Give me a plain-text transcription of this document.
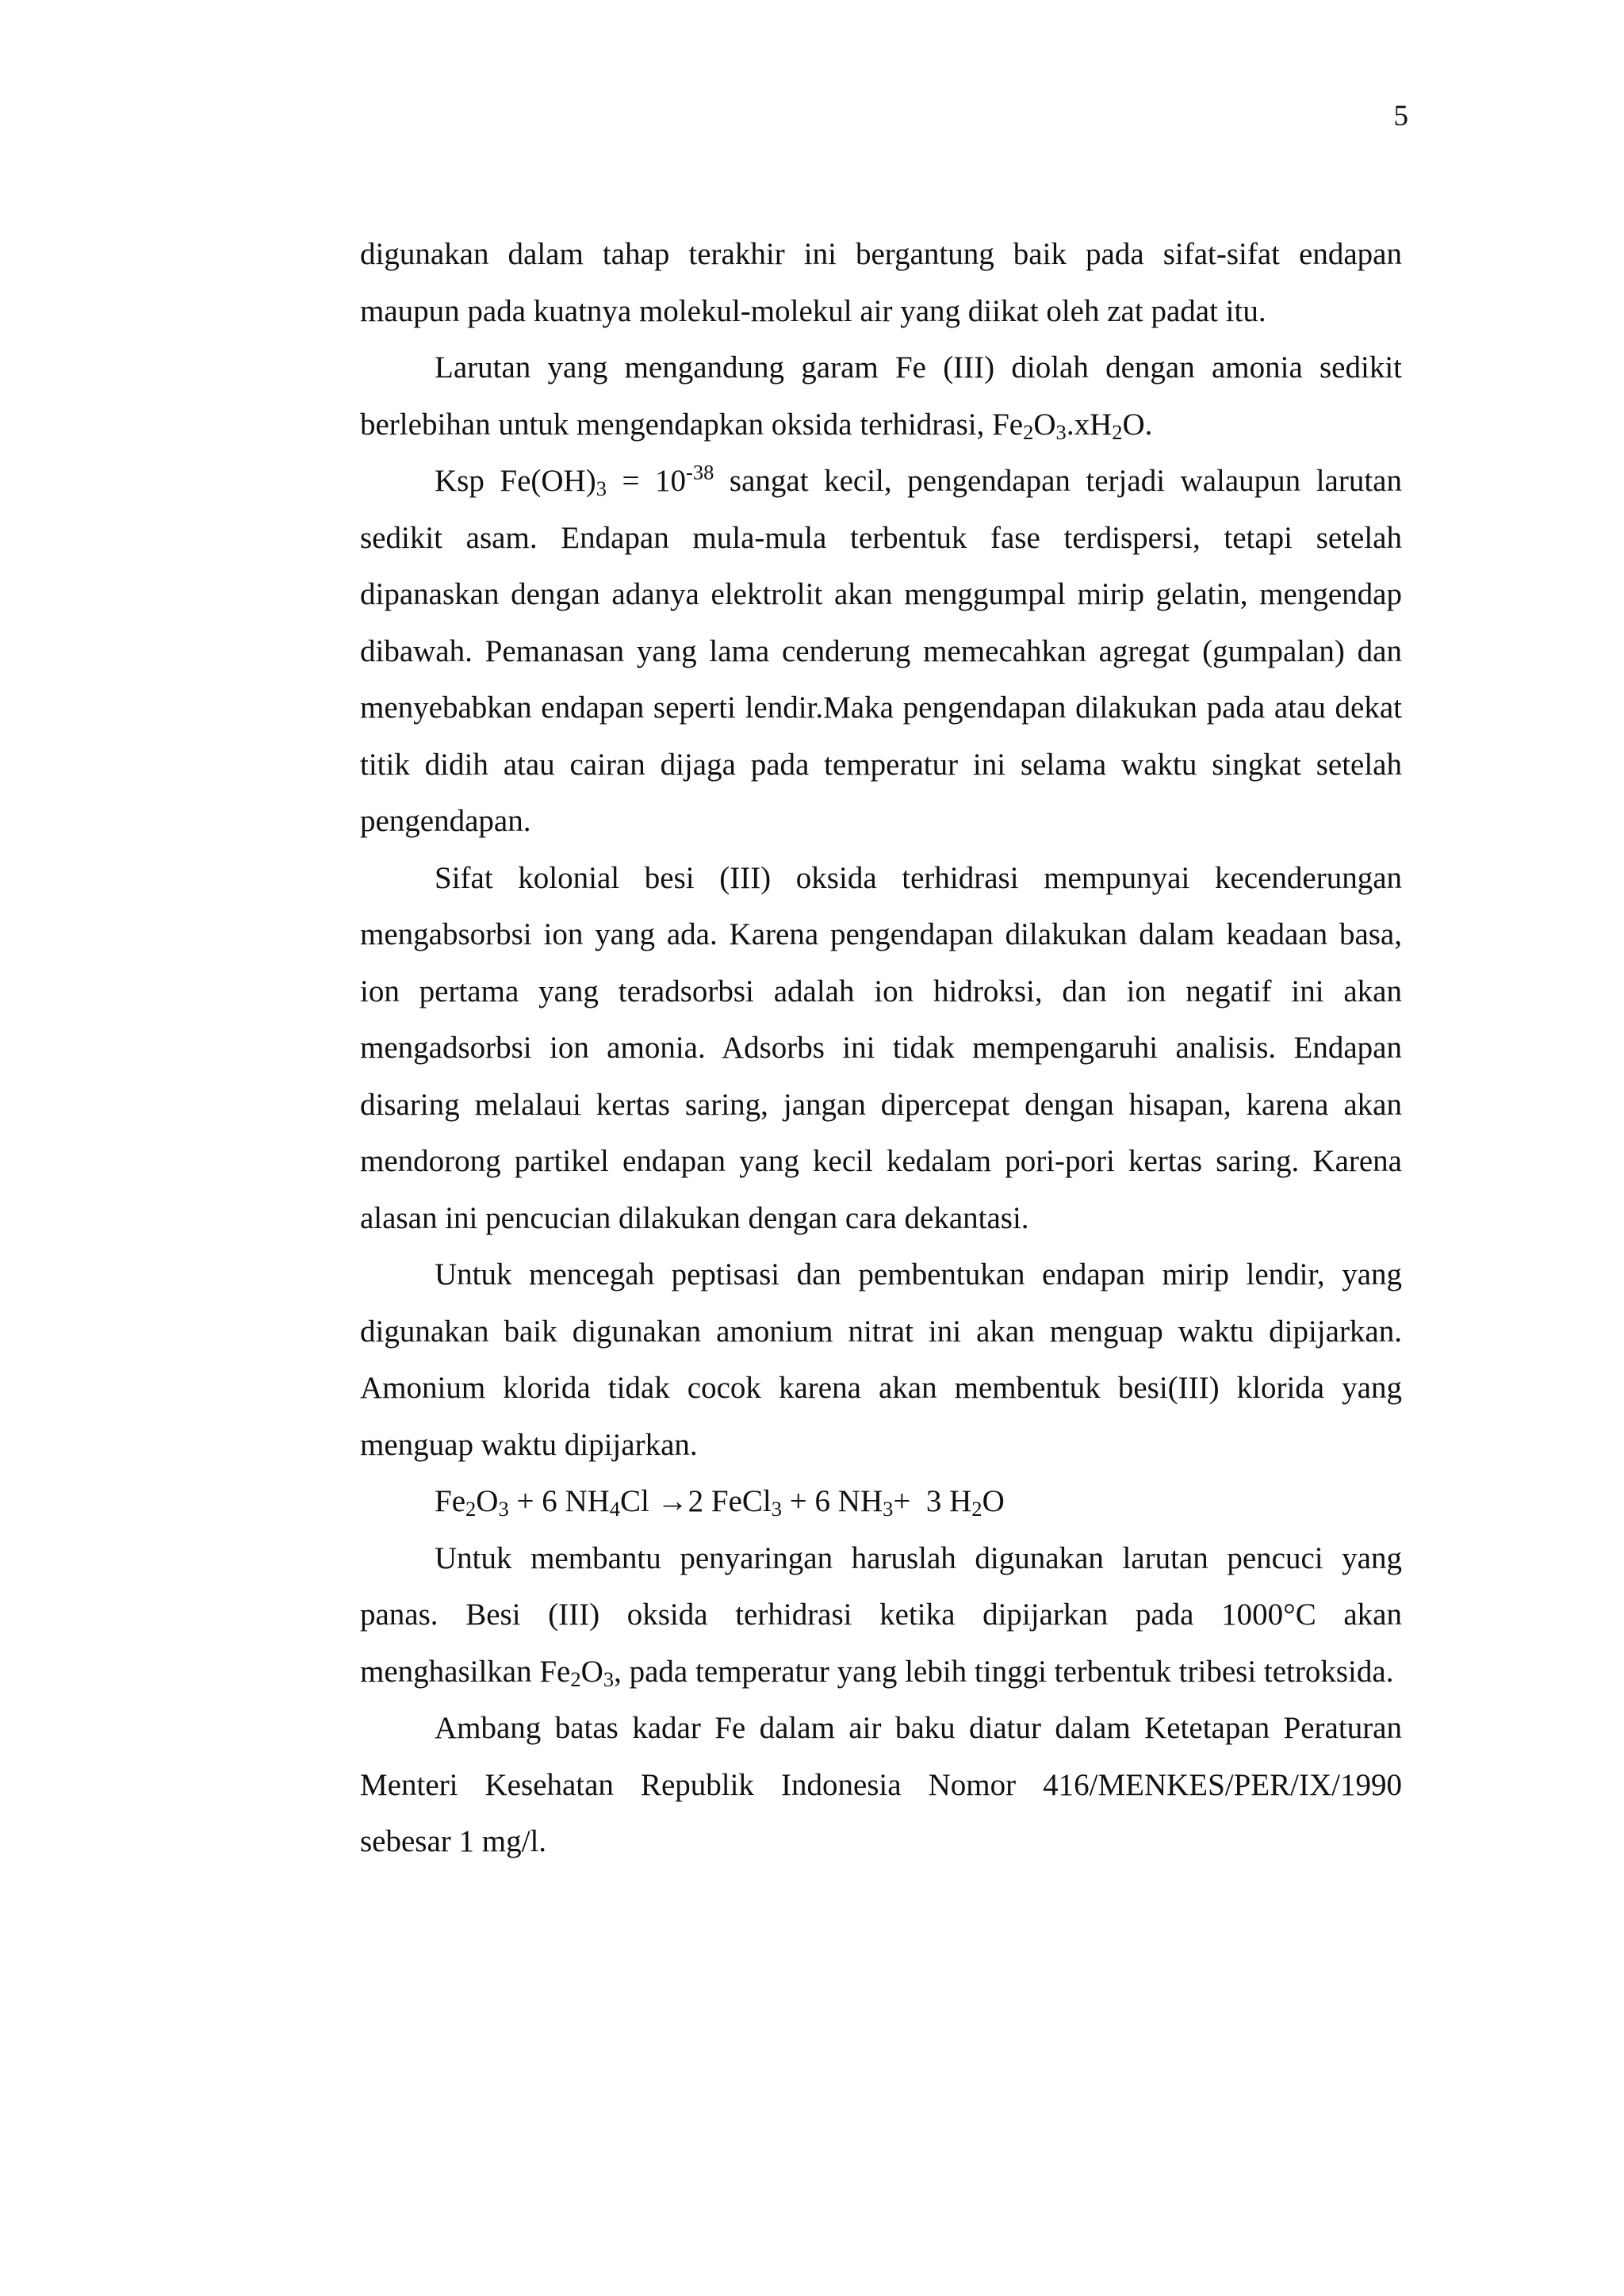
5

digunakan dalam tahap terakhir ini bergantung baik pada sifat-sifat endapan maupun pada kuatnya molekul-molekul air yang diikat oleh zat padat itu.

Larutan yang mengandung garam Fe (III) diolah dengan amonia sedikit berlebihan untuk mengendapkan oksida terhidrasi, $Fe_2O_3.xH_2O$.

Ksp $Fe(OH)_3 = 10^{-38}$ sangat kecil, pengendapan terjadi walaupun larutan sedikit asam. Endapan mula-mula terbentuk fase terdispersi, tetapi setelah dipanaskan dengan adanya elektrolit akan menggumpal mirip gelatin, mengendap dibawah. Pemanasan yang lama cenderung memecahkan agregat (gumpalan) dan menyebabkan endapan seperti lendir.Maka pengendapan dilakukan pada atau dekat titik didih atau cairan dijaga pada temperatur ini selama waktu singkat setelah pengendapan.

Sifat kolonial besi (III) oksida terhidrasi mempunyai kecenderungan mengabsorbsi ion yang ada. Karena pengendapan dilakukan dalam keadaan basa, ion pertama yang teradsorbsi adalah ion hidroksi, dan ion negatif ini akan mengadsorbsi ion amonia. Adsorbs ini tidak mempengaruhi analisis. Endapan disaring melalaui kertas saring, jangan dipercepat dengan hisapan, karena akan mendorong partikel endapan yang kecil kedalam pori-pori kertas saring. Karena alasan ini pencucian dilakukan dengan cara dekantasi.

Untuk mencegah peptisasi dan pembentukan endapan mirip lendir, yang digunakan baik digunakan amonium nitrat ini akan menguap waktu dipijarkan. Amonium klorida tidak cocok karena akan membentuk besi(III) klorida yang menguap waktu dipijarkan.

$Fe_2O_3 + 6$ $NH_4Cl \to 2$ FeCl$_3$ + 6 $NH_3+ 3$ $H_2O$

Untuk membantu penyaringan haruslah digunakan larutan pencuci yang panas. Besi (III) oksida terhidrasi ketika dipijarkan pada 1000°C akan menghasilkan $Fe_2O_3$, pada temperatur yang lebih tinggi terbentuk tribesi tetroksida.

Ambang batas kadar Fe dalam air baku diatur dalam Ketetapan Peraturan Menteri Kesehatan Republik Indonesia Nomor 416/MENKES/PER/IX/1990 sebesar 1 mg/l.
